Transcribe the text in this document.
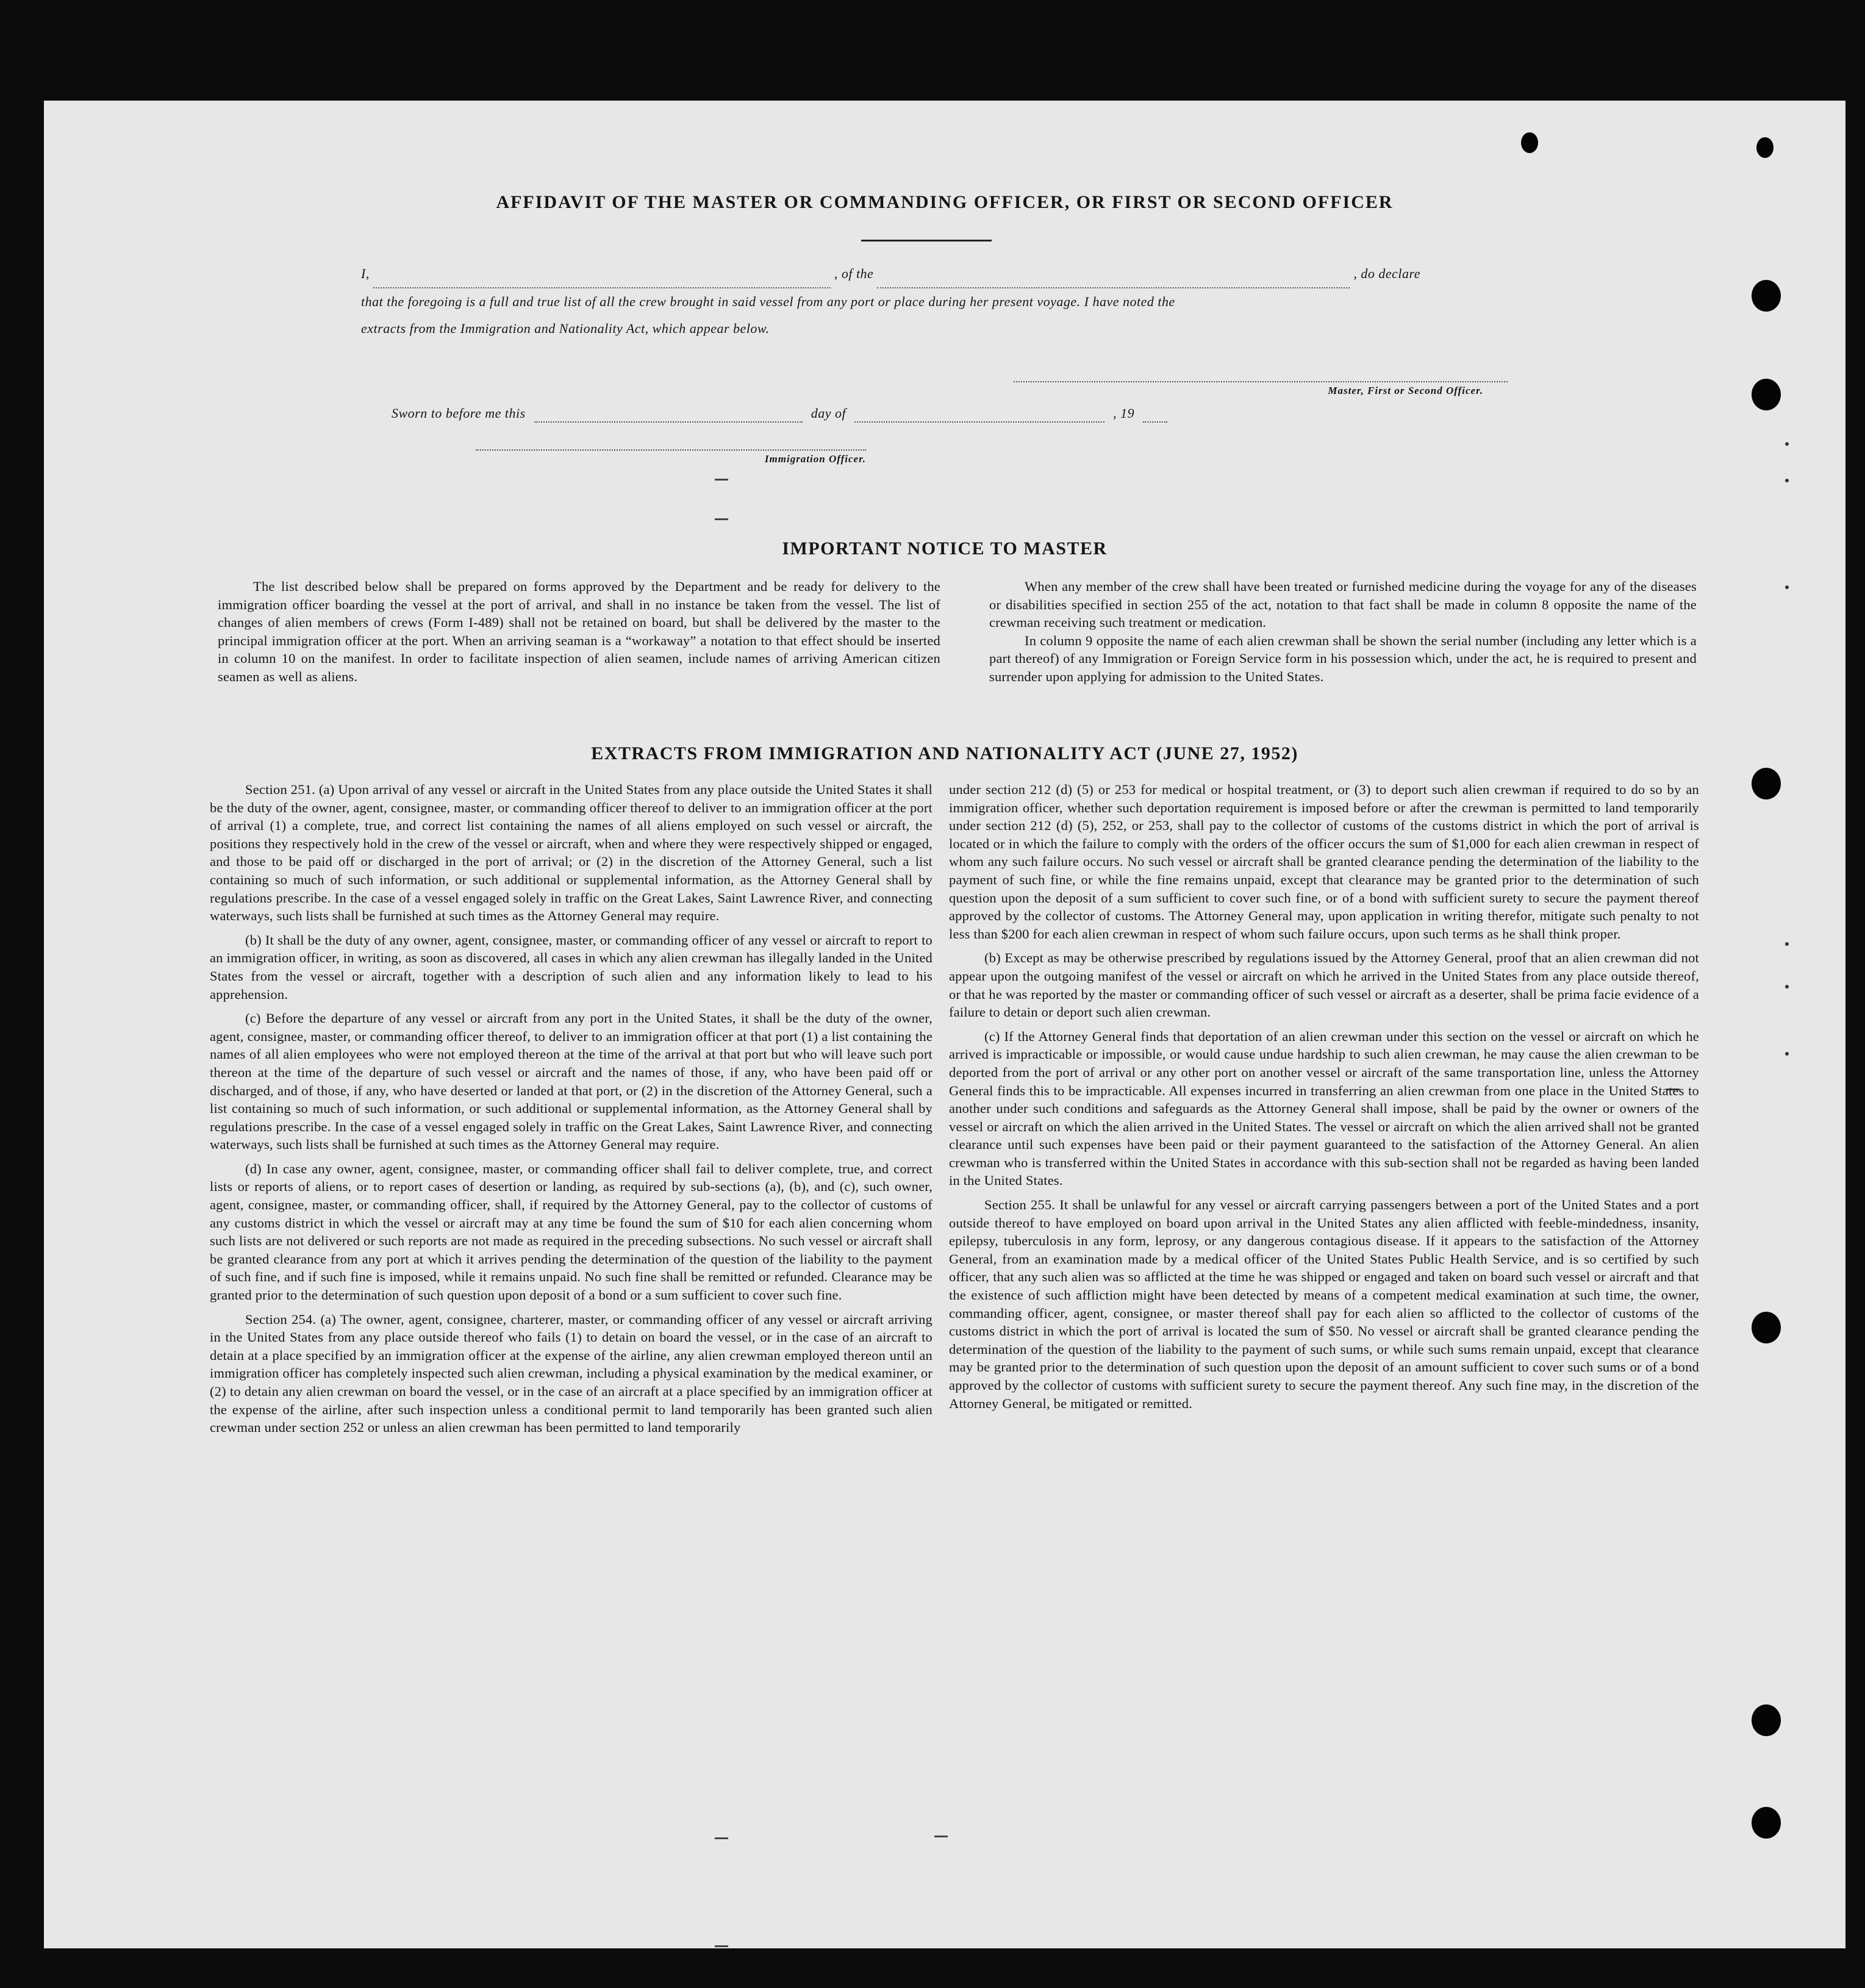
AFFIDAVIT OF THE MASTER OR COMMANDING OFFICER, OR FIRST OR SECOND OFFICER
I,
	, of the
	, do declare
that the foregoing is a full and true list of all the crew brought in said vessel from any port or place during her present voyage. I have noted the
extracts from the Immigration and Nationality Act, which appear below.
Master, First or Second Officer.
Sworn to before me this	day of	, 19
Immigration Officer.
IMPORTANT NOTICE TO MASTER

The list described below shall be prepared on forms approved by the Department and be ready for delivery to the immigration officer boarding the vessel at the port of arrival, and shall in no instance be taken from the vessel. The list of changes of alien members of crews (Form I-489) shall not be retained on board, but shall be delivered by the master to the principal immigration officer at the port. When an arriving seaman is a “workaway” a notation to that effect should be inserted in column 10 on the manifest. In order to facilitate inspection of alien seamen, include names of arriving American citizen seamen as well as aliens.

When any member of the crew shall have been treated or furnished medicine during the voyage for any of the diseases or disabilities specified in section 255 of the act, notation to that fact shall be made in column 8 opposite the name of the crewman receiving such treatment or medication.

In column 9 opposite the name of each alien crewman shall be shown the serial number (including any letter which is a part thereof) of any Immigration or Foreign Service form in his possession which, under the act, he is required to present and surrender upon applying for admission to the United States.

EXTRACTS FROM IMMIGRATION AND NATIONALITY ACT (JUNE 27, 1952)

Section 251. (a) Upon arrival of any vessel or aircraft in the United States from any place outside the United States it shall be the duty of the owner, agent, consignee, master, or commanding officer thereof to deliver to an immigration officer at the port of arrival (1) a complete, true, and correct list containing the names of all aliens employed on such vessel or aircraft, the positions they respectively hold in the crew of the vessel or aircraft, when and where they were respectively shipped or engaged, and those to be paid off or discharged in the port of arrival; or (2) in the discretion of the Attorney General, such a list containing so much of such information, or such additional or supplemental information, as the Attorney General shall by regulations prescribe. In the case of a vessel engaged solely in traffic on the Great Lakes, Saint Lawrence River, and connecting waterways, such lists shall be furnished at such times as the Attorney General may require.

(b) It shall be the duty of any owner, agent, consignee, master, or commanding officer of any vessel or aircraft to report to an immigration officer, in writing, as soon as discovered, all cases in which any alien crewman has illegally landed in the United States from the vessel or aircraft, together with a description of such alien and any information likely to lead to his apprehension.

(c) Before the departure of any vessel or aircraft from any port in the United States, it shall be the duty of the owner, agent, consignee, master, or commanding officer thereof, to deliver to an immigration officer at that port (1) a list containing the names of all alien employees who were not employed thereon at the time of the arrival at that port but who will leave such port thereon at the time of the departure of such vessel or aircraft and the names of those, if any, who have been paid off or discharged, and of those, if any, who have deserted or landed at that port, or (2) in the discretion of the Attorney General, such a list containing so much of such information, or such additional or supplemental information, as the Attorney General shall by regulations prescribe. In the case of a vessel engaged solely in traffic on the Great Lakes, Saint Lawrence River, and connecting waterways, such lists shall be furnished at such times as the Attorney General may require.

(d) In case any owner, agent, consignee, master, or commanding officer shall fail to deliver complete, true, and correct lists or reports of aliens, or to report cases of desertion or landing, as required by sub-sections (a), (b), and (c), such owner, agent, consignee, master, or commanding officer, shall, if required by the Attorney General, pay to the collector of customs of any customs district in which the vessel or aircraft may at any time be found the sum of $10 for each alien concerning whom such lists are not delivered or such reports are not made as required in the preceding subsections. No such vessel or aircraft shall be granted clearance from any port at which it arrives pending the determination of the question of the liability to the payment of such fine, and if such fine is imposed, while it remains unpaid. No such fine shall be remitted or refunded. Clearance may be granted prior to the determination of such question upon deposit of a bond or a sum sufficient to cover such fine.

Section 254. (a) The owner, agent, consignee, charterer, master, or commanding officer of any vessel or aircraft arriving in the United States from any place outside thereof who fails (1) to detain on board the vessel, or in the case of an aircraft to detain at a place specified by an immigration officer at the expense of the airline, any alien crewman employed thereon until an immigration officer has completely inspected such alien crewman, including a physical examination by the medical examiner, or (2) to detain any alien crewman on board the vessel, or in the case of an aircraft at a place specified by an immigration officer at the expense of the airline, after such inspection unless a conditional permit to land temporarily has been granted such alien crewman under section 252 or unless an alien crewman has been permitted to land temporarily

under section 212 (d) (5) or 253 for medical or hospital treatment, or (3) to deport such alien crewman if required to do so by an immigration officer, whether such deportation requirement is imposed before or after the crewman is permitted to land temporarily under section 212 (d) (5), 252, or 253, shall pay to the collector of customs of the customs district in which the port of arrival is located or in which the failure to comply with the orders of the officer occurs the sum of $1,000 for each alien crewman in respect of whom any such failure occurs. No such vessel or aircraft shall be granted clearance pending the determination of the liability to the payment of such fine, or while the fine remains unpaid, except that clearance may be granted prior to the determination of such question upon the deposit of a sum sufficient to cover such fine, or of a bond with sufficient surety to secure the payment thereof approved by the collector of customs. The Attorney General may, upon application in writing therefor, mitigate such penalty to not less than $200 for each alien crewman in respect of whom such failure occurs, upon such terms as he shall think proper.

(b) Except as may be otherwise prescribed by regulations issued by the Attorney General, proof that an alien crewman did not appear upon the outgoing manifest of the vessel or aircraft on which he arrived in the United States from any place outside thereof, or that he was reported by the master or commanding officer of such vessel or aircraft as a deserter, shall be prima facie evidence of a failure to detain or deport such alien crewman.

(c) If the Attorney General finds that deportation of an alien crewman under this section on the vessel or aircraft on which he arrived is impracticable or impossible, or would cause undue hardship to such alien crewman, he may cause the alien crewman to be deported from the port of arrival or any other port on another vessel or aircraft of the same transportation line, unless the Attorney General finds this to be impracticable. All expenses incurred in transferring an alien crewman from one place in the United States to another under such conditions and safeguards as the Attorney General shall impose, shall be paid by the owner or owners of the vessel or aircraft on which the alien arrived in the United States. The vessel or aircraft on which the alien arrived shall not be granted clearance until such expenses have been paid or their payment guaranteed to the satisfaction of the Attorney General. An alien crewman who is transferred within the United States in accordance with this sub-section shall not be regarded as having been landed in the United States.

Section 255. It shall be unlawful for any vessel or aircraft carrying passengers between a port of the United States and a port outside thereof to have employed on board upon arrival in the United States any alien afflicted with feeble-mindedness, insanity, epilepsy, tuberculosis in any form, leprosy, or any dangerous contagious disease. If it appears to the satisfaction of the Attorney General, from an examination made by a medical officer of the United States Public Health Service, and is so certified by such officer, that any such alien was so afflicted at the time he was shipped or engaged and taken on board such vessel or aircraft and that the existence of such affliction might have been detected by means of a competent medical examination at such time, the owner, commanding officer, agent, consignee, or master thereof shall pay for each alien so afflicted to the collector of customs of the customs district in which the port of arrival is located the sum of $50. No vessel or aircraft shall be granted clearance pending the determination of the question of the liability to the payment of such sums, or while such sums remain unpaid, except that clearance may be granted prior to the determination of such question upon the deposit of an amount sufficient to cover such sums or of a bond approved by the collector of customs with sufficient surety to secure the payment thereof. Any such fine may, in the discretion of the Attorney General, be mitigated or remitted.
